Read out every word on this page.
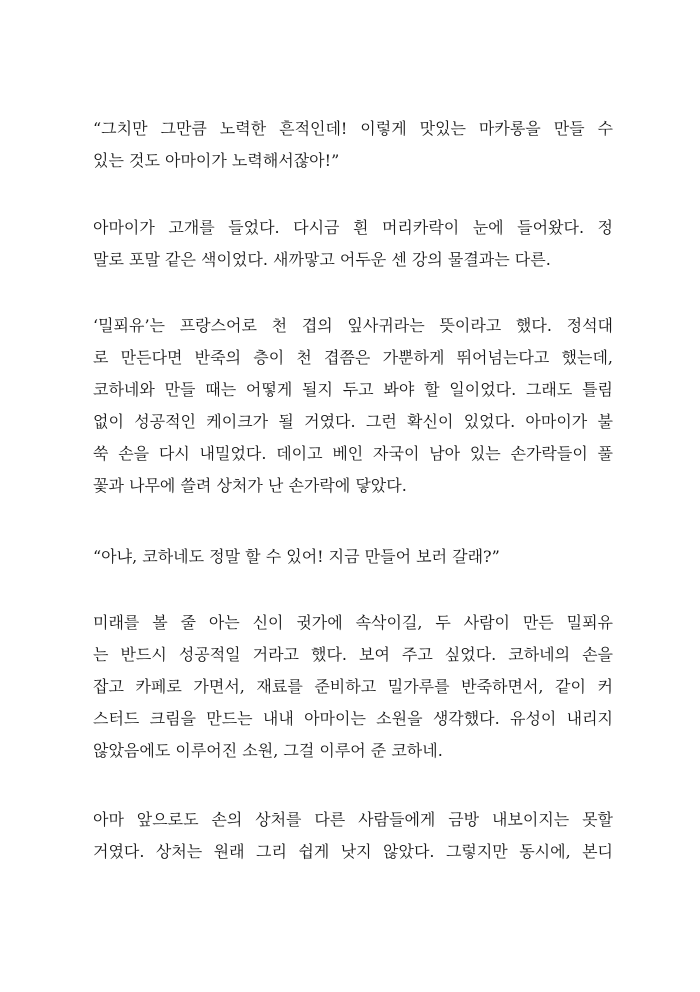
“그치만 그만큼 노력한 흔적인데! 이렇게 맛있는 마카롱을 만들 수
있는 것도 아마이가 노력해서잖아!”
아마이가 고개를 들었다. 다시금 흰 머리카락이 눈에 들어왔다. 정
말로 포말 같은 색이었다. 새까맣고 어두운 센 강의 물결과는 다른.
‘밀푀유’는 프랑스어로 천 겹의 잎사귀라는 뜻이라고 했다. 정석대
로 만든다면 반죽의 층이 천 겹쯤은 가뿐하게 뛰어넘는다고 했는데,
코하네와 만들 때는 어떻게 될지 두고 봐야 할 일이었다. 그래도 틀림
없이 성공적인 케이크가 될 거였다. 그런 확신이 있었다. 아마이가 불
쑥 손을 다시 내밀었다. 데이고 베인 자국이 남아 있는 손가락들이 풀
꽃과 나무에 쓸려 상처가 난 손가락에 닿았다.
“아냐, 코하네도 정말 할 수 있어! 지금 만들어 보러 갈래?”
미래를 볼 줄 아는 신이 귓가에 속삭이길, 두 사람이 만든 밀푀유
는 반드시 성공적일 거라고 했다. 보여 주고 싶었다. 코하네의 손을
잡고 카페로 가면서, 재료를 준비하고 밀가루를 반죽하면서, 같이 커
스터드 크림을 만드는 내내 아마이는 소원을 생각했다. 유성이 내리지
않았음에도 이루어진 소원, 그걸 이루어 준 코하네.
아마 앞으로도 손의 상처를 다른 사람들에게 금방 내보이지는 못할
거였다. 상처는 원래 그리 쉽게 낫지 않았다. 그렇지만 동시에, 본디
